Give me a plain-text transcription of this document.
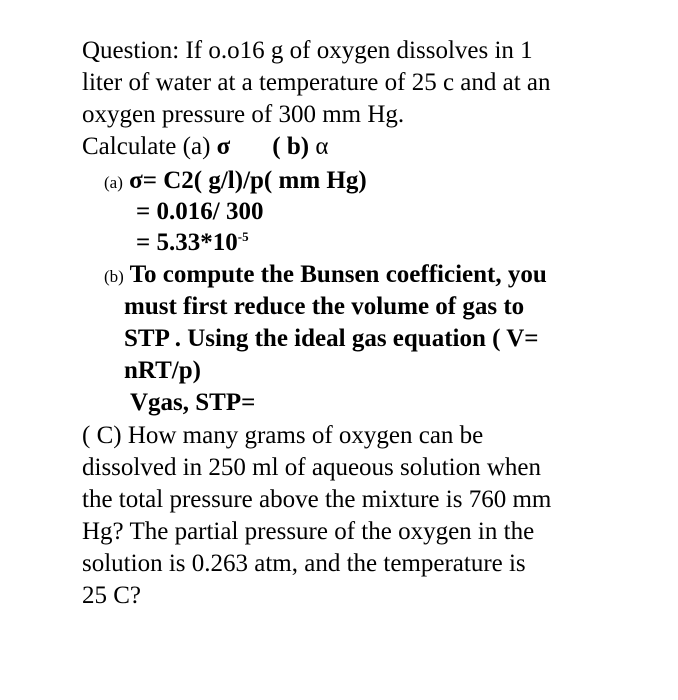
Question: If o.o16 g of oxygen dissolves in 1
liter of water at a temperature of 25 c and at an
oxygen pressure of 300 mm Hg.
Calculate (a) σ ( b) α
(a) σ= C2( g/l)/p( mm Hg)
= 0.016/ 300
= $5.33*10^{-5}$
(b) To compute the Bunsen coefficient, you
must first reduce the volume of gas to
STP . Using the ideal gas equation ( V=
nRT/p)
Vgas, STP=
( C) How many grams of oxygen can be
dissolved in 250 ml of aqueous solution when
the total pressure above the mixture is 760 mm
Hg? The partial pressure of the oxygen in the
solution is 0.263 atm, and the temperature is
25 C?
